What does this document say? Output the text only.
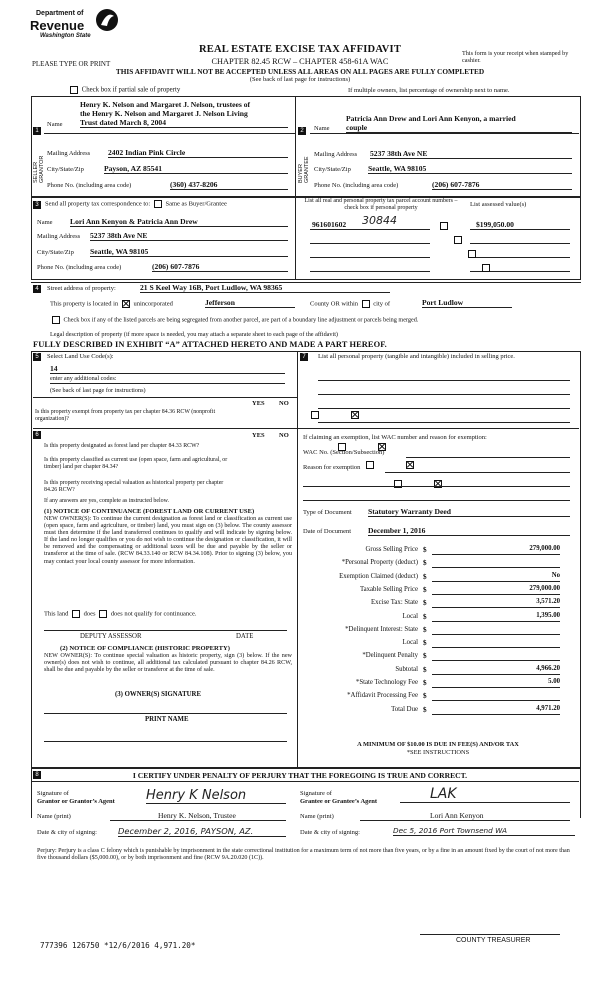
Department of
Revenue
Washington State
REAL ESTATE EXCISE TAX AFFIDAVIT
CHAPTER 82.45 RCW – CHAPTER 458-61A WAC
PLEASE TYPE OR PRINT
THIS AFFIDAVIT WILL NOT BE ACCEPTED UNLESS ALL AREAS ON ALL PAGES ARE FULLY COMPLETED
(See back of last page for instructions)
This form is your receipt when stamped by cashier.
Check box if partial sale of property	If multiple owners, list percentage of ownership next to name.
1
SELLER GRANTOR
Henry K. Nelson and Margaret J. Nelson, trustees of
the Henry K. Nelson and Margaret J. Nelson Living
Name Trust dated March 8, 2004
Mailing Address 2402 Indian Pink Circle
City/State/Zip	Payson, AZ 85541
Phone No. (including area code)	(360) 437-8206
2
BUYER GRANTEE
Patricia Ann Drew and Lori Ann Kenyon, a married
Name couple
Mailing Address 5237 38th Ave NE
City/State/Zip Seattle, WA 98105
Phone No. (including area code)	(206) 607-7876
3 Send all property tax correspondence to: Same as Buyer/Grantee
Name Lori Ann Kenyon & Patricia Ann Drew
Mailing Address 5237 38th Ave NE
City/State/Zip Seattle, WA 98105
Phone No. (including area code)	(206) 607-7876
List all real and personal property tax parcel account numbers – check box if personal property	List assessed value(s)
961601602 30844	$199,050.00

4	Street address of property:	21 S Keel Way 16B, Port Ludlow, WA 98365
This property is located in unincorporated	Jefferson	County OR within city of	Port Ludlow
Check box if any of the listed parcels are being segregated from another parcel, are part of a boundary line adjustment or parcels being merged.
Legal description of property (if more space is needed, you may attach a separate sheet to each page of the affidavit)
FULLY DESCRIBED IN EXHIBIT “A” ATTACHED HERETO AND MADE A PART HEREOF.
5	Select Land Use Code(s):
14
enter any additional codes:
(See back of last page for instructions)
YES NO
Is this property exempt from property tax per chapter 84.36 RCW (nonprofit organization)?

6	YES NO
Is this property designated as forest land per chapter 84.33 RCW?

Is this property classified as current use (open space, farm and agricultural, or timber) land per chapter 84.34?

Is this property receiving special valuation as historical property per chapter 84.26 RCW?

If any answers are yes, complete as instructed below.
(1) NOTICE OF CONTINUANCE (FOREST LAND OR CURRENT USE)
NEW OWNER(S): To continue the current designation as forest land or classification as current use (open space, farm and agriculture, or timber) land, you must sign on (3) below. The county assessor must then determine if the land transferred continues to qualify and will indicate by signing below. If the land no longer qualifies or you do not wish to continue the designation or classification, it will be removed and the compensating or additional taxes will be due and payable by the seller or transferor at the time of sale. (RCW 84.33.140 or RCW 84.34.108). Prior to signing (3) below, you may contact your local county assessor for more information.
This land does does not qualify for continuance.
DEPUTY ASSESSOR	DATE
(2) NOTICE OF COMPLIANCE (HISTORIC PROPERTY)
NEW OWNER(S): To continue special valuation as historic property, sign (3) below. If the new owner(s) does not wish to continue, all additional tax calculated pursuant to chapter 84.26 RCW, shall be due and payable by the seller or transferor at the time of sale.
(3) OWNER(S) SIGNATURE
PRINT NAME
7	List all personal property (tangible and intangible) included in selling price.
If claiming an exemption, list WAC number and reason for exemption:
WAC No. (Section/Subsection)
Reason for exemption
Type of Document Statutory Warranty Deed
Date of Document December 1, 2016
Gross Selling Price $	279,000.00
*Personal Property (deduct) $
Exemption Claimed (deduct) $	No
Taxable Selling Price $	279,000.00
Excise Tax: State $	3,571.20
Local $	1,395.00
*Delinquent Interest: State $
Local $
*Delinquent Penalty $
Subtotal $	4,966.20
*State Technology Fee $	5.00
*Affidavit Processing Fee $
Total Due $	4,971.20
A MINIMUM OF $10.00 IS DUE IN FEE(S) AND/OR TAX
*SEE INSTRUCTIONS
8	I CERTIFY UNDER PENALTY OF PERJURY THAT THE FOREGOING IS TRUE AND CORRECT.
Signature of
Grantor or Grantor’s Agent Henry K Nelson
Name (print)	Henry K. Nelson, Trustee
Date & city of signing:	December 2, 2016, PAYSON, AZ.
Signature of
Grantee or Grantee’s Agent	LAK
Name (print)	Lori Ann Kenyon
Date & city of signing:	Dec 5, 2016 Port Townsend WA
Perjury: Perjury is a class C felony which is punishable by imprisonment in the state correctional institution for a maximum term of not more than five years, or by a fine in an amount fixed by the court of not more than five thousand dollars ($5,000.00), or by both imprisonment and fine (RCW 9A.20.020 (1C)).
777396 126750 *12/6/2016 4,971.20*
COUNTY TREASURER
